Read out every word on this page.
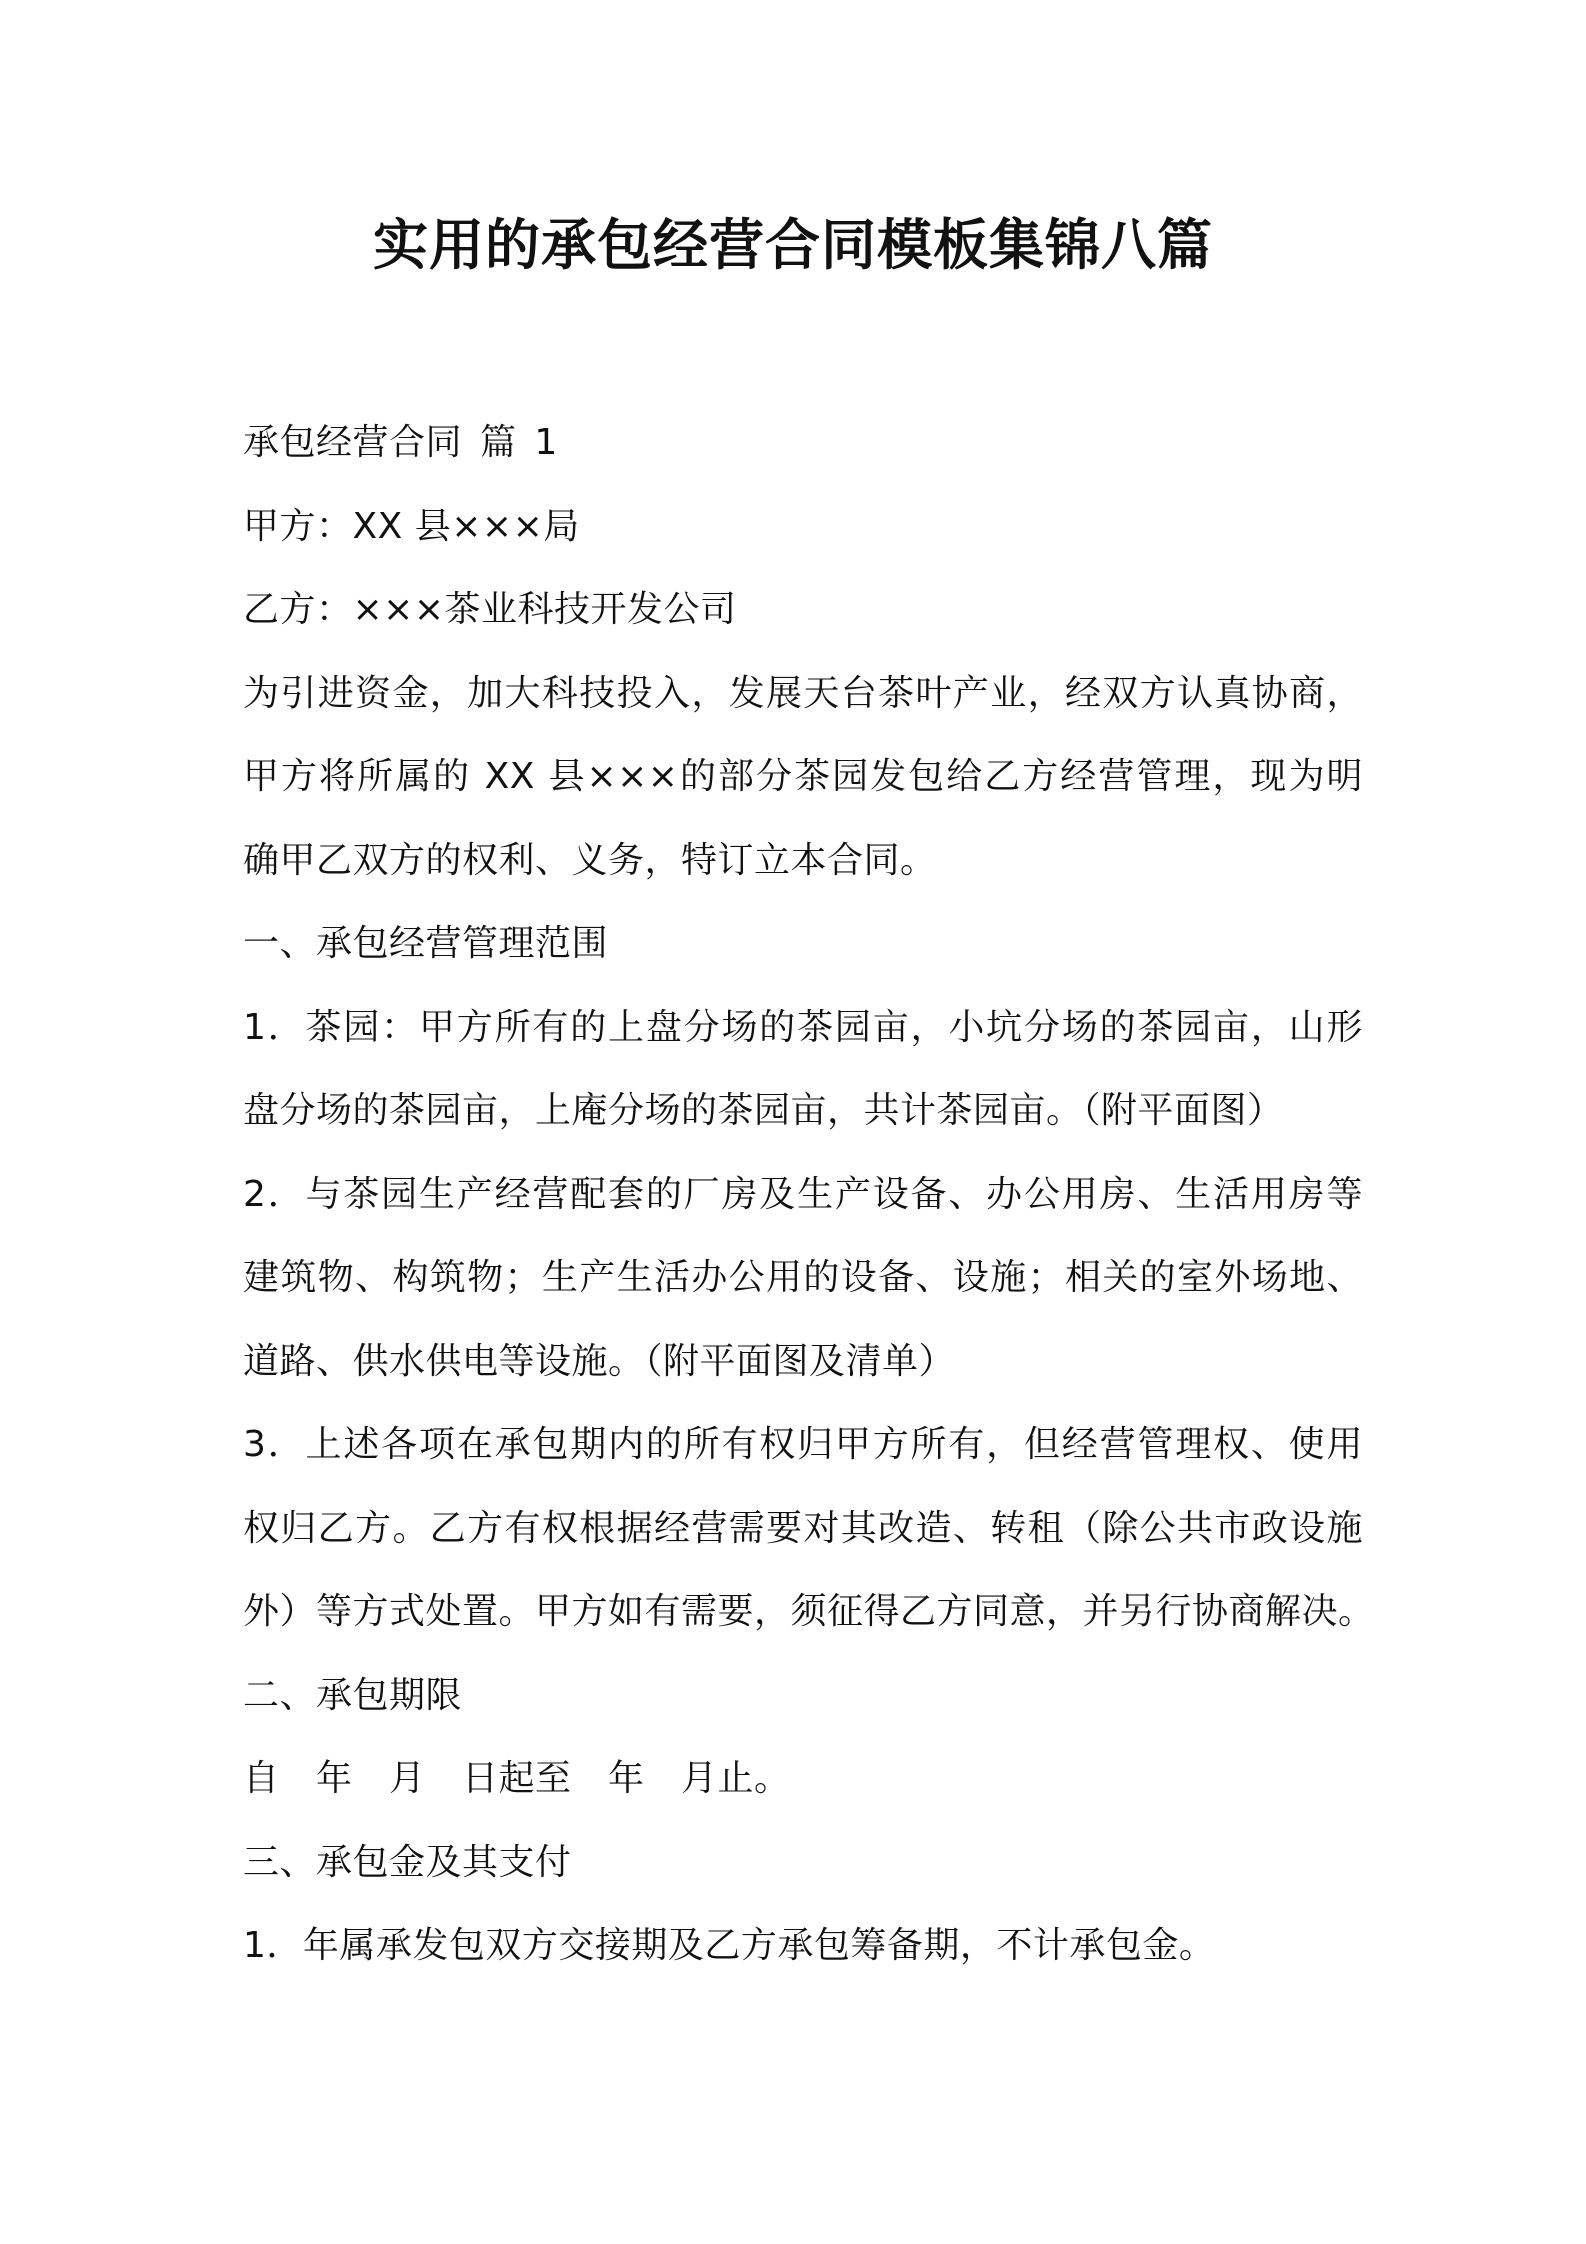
实用的承包经营合同模板集锦八篇
承包经营合同 篇 1
甲方：XX 县×××局
乙方：×××茶业科技开发公司
为引进资金，加大科技投入，发展天台茶叶产业，经双方认真协商，
甲方将所属的 XX 县×××的部分茶园发包给乙方经营管理，现为明
确甲乙双方的权利、义务，特订立本合同。
一、承包经营管理范围
1．茶园：甲方所有的上盘分场的茶园亩，小坑分场的茶园亩，山形
盘分场的茶园亩，上庵分场的茶园亩，共计茶园亩。（附平面图）
2．与茶园生产经营配套的厂房及生产设备、办公用房、生活用房等
建筑物、构筑物；生产生活办公用的设备、设施；相关的室外场地、
道路、供水供电等设施。（附平面图及清单）
3．上述各项在承包期内的所有权归甲方所有，但经营管理权、使用
权归乙方。乙方有权根据经营需要对其改造、转租（除公共市政设施
外）等方式处置。甲方如有需要，须征得乙方同意，并另行协商解决。
二、承包期限
自　年　月　日起至　年　月止。
三、承包金及其支付
1．年属承发包双方交接期及乙方承包筹备期，不计承包金。
